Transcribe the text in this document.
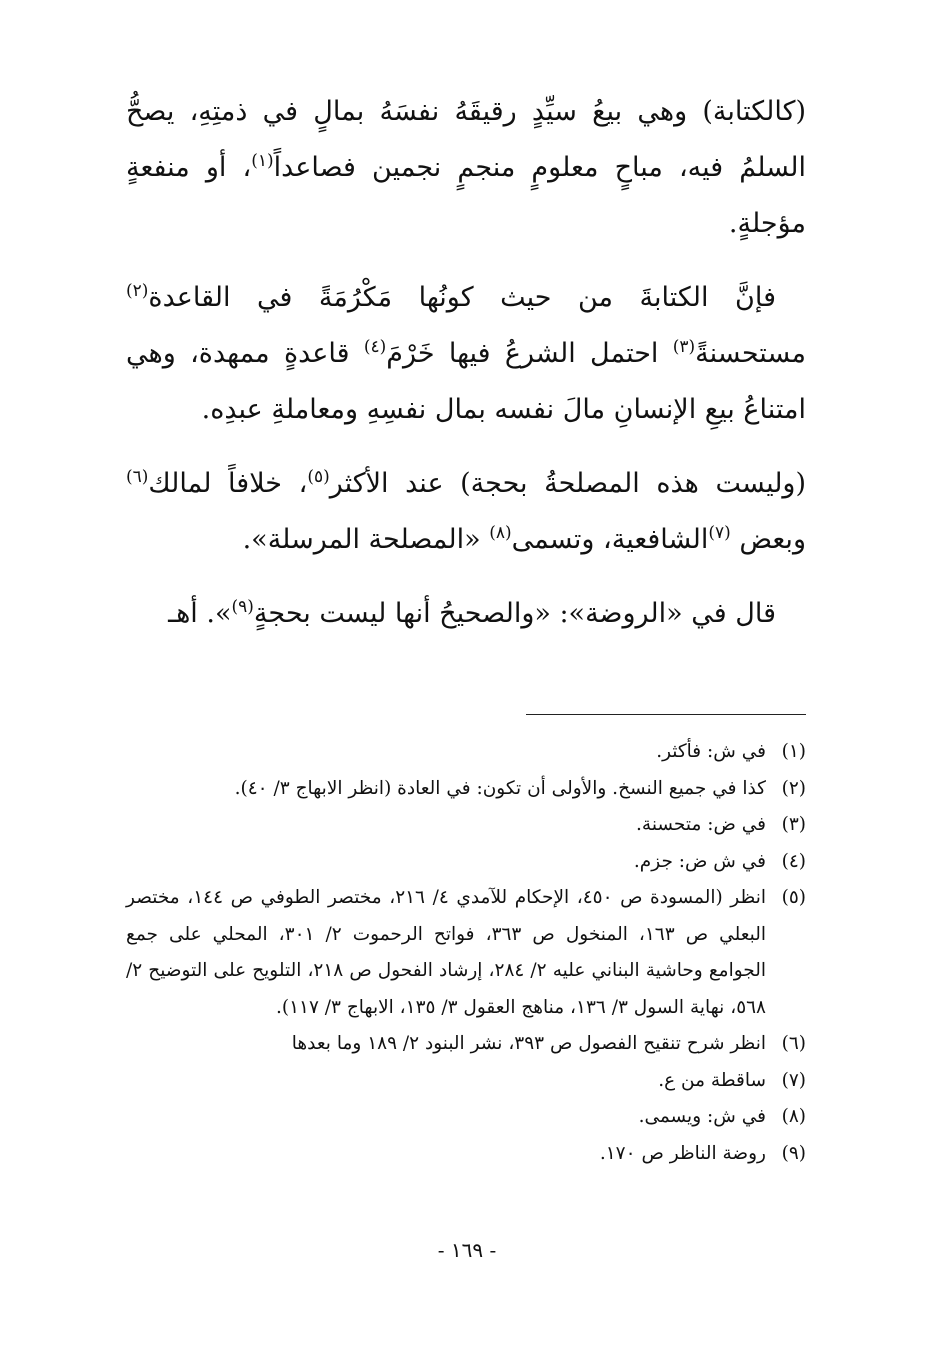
(كالكتابة) وهي بيعُ سيِّدٍ رقيقَهُ نفسَهُ بمالٍ في ذمتِهِ، يصحُّ السلمُ فيه، مباحٍ معلومٍ منجمٍ نجمين فصاعداً$^{(١)}$، أو منفعةٍ مؤجلةٍ.

فإنَّ الكتابةَ من حيث كونُها مَكْرُمَةً في القاعدة$^{(٢)}$ مستحسنةً$^{(٣)}$ احتمل الشرعُ فيها خَرْمَ$^{(٤)}$ قاعدةٍ ممهدة، وهي امتناعُ بيعِ الإنسانِ مالَ نفسه بمال نفسِهِ ومعاملةِ عبدِه.

(وليست هذه المصلحةُ بحجة) عند الأكثر$^{(٥)}$، خلافاً لمالك$^{(٦)}$ وبعض $^{(٧)}$الشافعية، وتسمى$^{(٨)}$ «المصلحة المرسلة».

قال في «الروضة»: «والصحيحُ أنها ليست بحجةٍ$^{(٩)}$». أهـ

(١)
في ش: فأكثر.
(٢)
كذا في جميع النسخ. والأولى أن تكون: في العادة (انظر الابهاج ٣/ ٤٠).
(٣)
في ض: متحسنة.
(٤)
في ش ض: جزم.
(٥)
انظر (المسودة ص ٤٥٠، الإحكام للآمدي ٤/ ٢١٦، مختصر الطوفي ص ١٤٤، مختصر البعلي ص ١٦٣، المنخول ص ٣٦٣، فواتح الرحموت ٢/ ٣٠١، المحلي على جمع الجوامع وحاشية البناني عليه ٢/ ٢٨٤، إرشاد الفحول ص ٢١٨، التلويح على التوضيح ٢/ ٥٦٨، نهاية السول ٣/ ١٣٦، مناهج العقول ٣/ ١٣٥، الابهاج ٣/ ١١٧).
(٦)
انظر شرح تنقيح الفصول ص ٣٩٣، نشر البنود ٢/ ١٨٩ وما بعدها
(٧)
ساقطة من ع.
(٨)
في ش: ويسمى.
(٩)
روضة الناظر ص ١٧٠.
- ١٦٩ -
